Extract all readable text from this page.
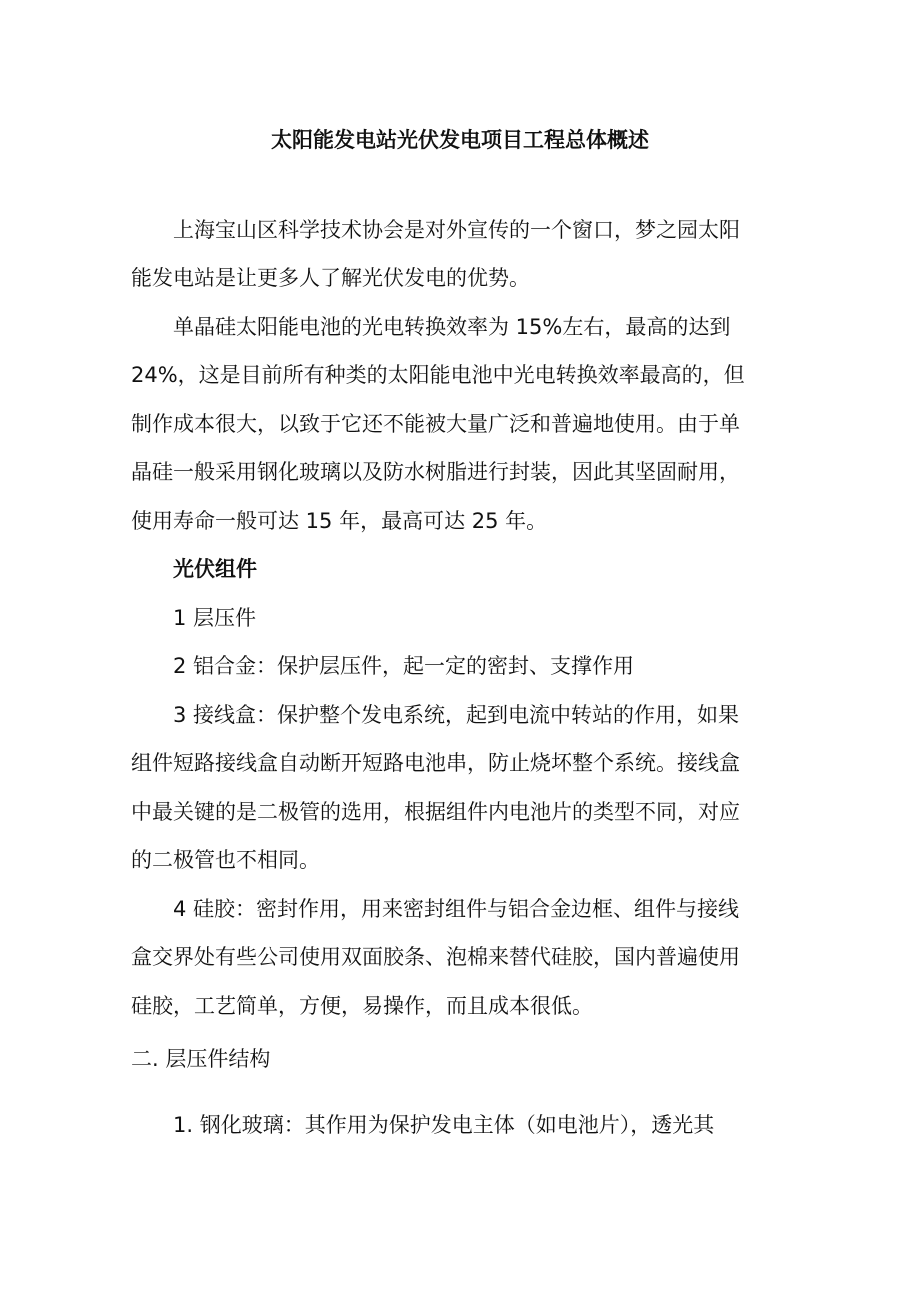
太阳能发电站光伏发电项目工程总体概述
上海宝山区科学技术协会是对外宣传的一个窗口，梦之园太阳
能发电站是让更多人了解光伏发电的优势。
单晶硅太阳能电池的光电转换效率为 15%左右，最高的达到
24%，这是目前所有种类的太阳能电池中光电转换效率最高的，但
制作成本很大，以致于它还不能被大量广泛和普遍地使用。由于单
晶硅一般采用钢化玻璃以及防水树脂进行封装，因此其坚固耐用，
使用寿命一般可达 15 年，最高可达 25 年。
光伏组件
1 层压件
2 铝合金：保护层压件，起一定的密封、支撑作用
3 接线盒：保护整个发电系统，起到电流中转站的作用，如果
组件短路接线盒自动断开短路电池串，防止烧坏整个系统。接线盒
中最关键的是二极管的选用，根据组件内电池片的类型不同，对应
的二极管也不相同。
4 硅胶：密封作用，用来密封组件与铝合金边框、组件与接线
盒交界处有些公司使用双面胶条、泡棉来替代硅胶，国内普遍使用
硅胶，工艺简单，方便，易操作，而且成本很低。
二. 层压件结构
1. 钢化玻璃：其作用为保护发电主体（如电池片），透光其
